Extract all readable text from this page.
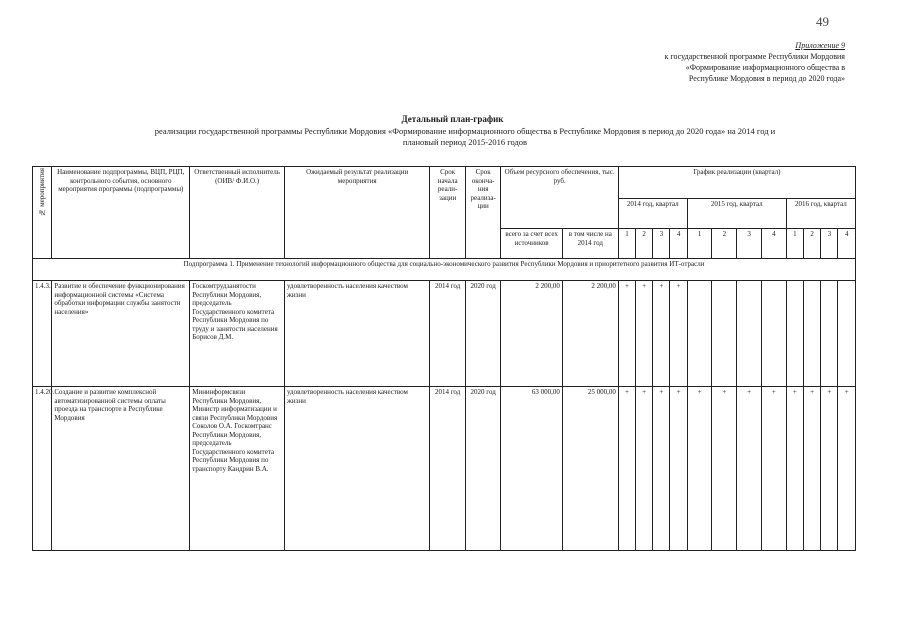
49
Приложение 9
к государственной программе Республики Мордовия
«Формирование информационного общества в
Республике Мордовия в период до 2020 года»
Детальный план-график
реализации государственной программы Республики Мордовия «Формирование информационного общества в Республике Мордовия в период до 2020 года» на 2014 год и
плановый период 2015-2016 годов
№ мероприятия	Наименование подпрограммы, ВЦП, РЦП, контрольного события, основного мероприятия программы (подпрограммы)	Ответственный исполнитель (ОИВ/ Ф.И.О.)	Ожидаемый результат реализации мероприятия	Срок начала реали-зации	Срок оконча-ния реализа-ции	Объем ресурсного обеспечения, тыс. руб.		График реализации (квартал)											
								2014 год, квартал				2015 год, квартал				2016 год, квартал			
						всего за счет всех источников	в том числе на 2014 год	1	2	3	4	1	2	3	4	1	2	3	4
Подпрограмма 1. Применение технологий информационного общества для социально-экономического развития Республики Мордовия и приоритетного развития ИТ-отрасли																			
1.4.3.	Развитие и обеспечение функционирования информационной системы «Система обработки информации службы занятости населения»	Госкомтрудзанятости Республики Мордовия, председатель Государственного комитета Республики Мордовия по труду и занятости населения Борисов Д.М.	удовлетворенность населения качеством жизни	2014 год	2020 год	2 200,00	2 200,00	+	+	+	+								
1.4.20.	Создание и развитие комплексной автоматизированной системы оплаты проезда на транспорте в Республике Мордовия	Мининформсвязи Республики Мордовия, Министр информатизации и связи Республики Мордовия Соколов О.А. Госкомтранс Республики Мордовия, председатель Государственного комитета Республики Мордовия по транспорту Кандрин В.А.	удовлетворенность населения качеством жизни	2014 год	2020 год	63 000,00	25 000,00	+	+	+	+	+	+	+	+	+	+	+	+
